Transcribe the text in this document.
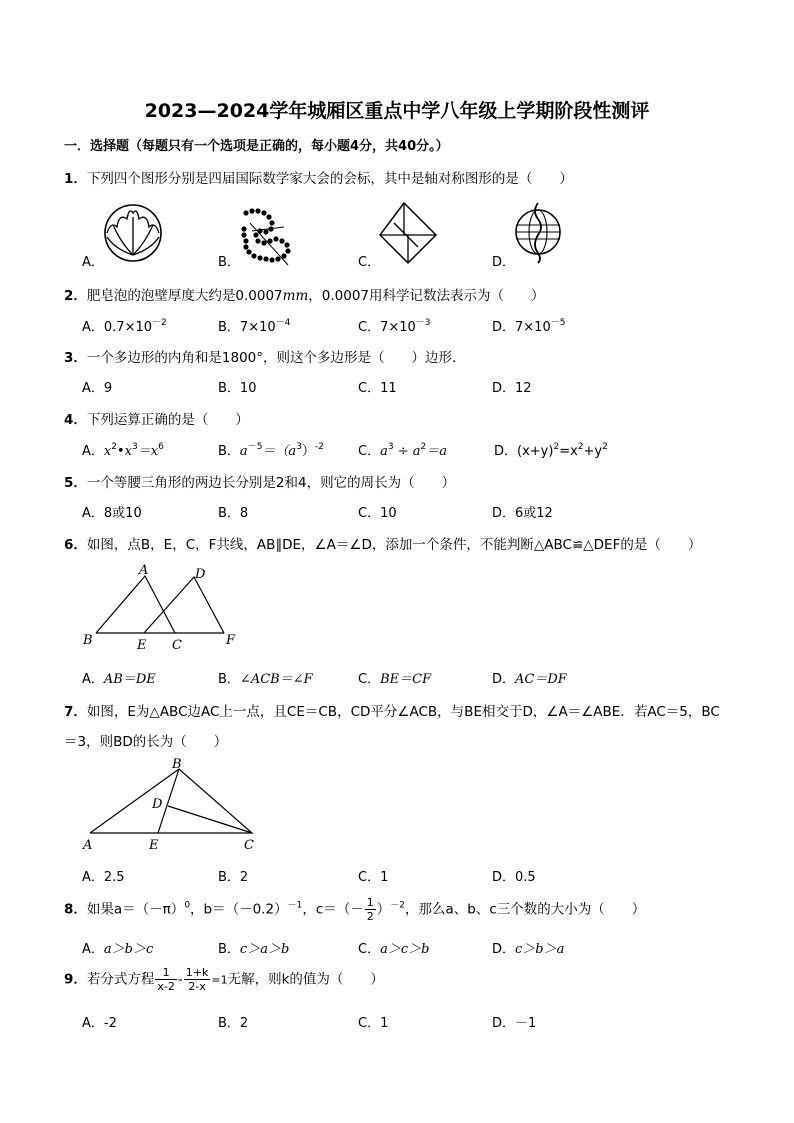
2023—2024学年城厢区重点中学八年级上学期阶段性测评
一．选择题（每题只有一个选项是正确的，每小题4分，共40分。）
1．下列四个图形分别是四届国际数学家大会的会标，其中是轴对称图形的是（　　）
A．	B．	C．	D．
2．肥皂泡的泡壁厚度大约是0.0007mm，0.0007用科学记数法表示为（　　）
A．$0.7\times 10^{-2}$	B．$7\times 10^{-4}$	C．$7\times 10^{-3}$	D．$7\times 10^{-5}$
3．一个多边形的内角和是1800°，则这个多边形是（　　）边形．
A．9	B．10	C．11	D．12
4．下列运算正确的是（　　）
A．$x^2•x^3=x^6$	B．$a^{-5}=(a^3)^{-2}$	C．$a^3 \div a^2=a$	D．$(x+y)^2=x^2+y^2$
5．一个等腰三角形的两边长分别是2和4，则它的周长为（　　）
A．8或10	B．8	C．10	D．6或12
6．如图，点B，E，C，F共线，AB∥DE，∠A＝∠D，添加一个条件，不能判断△ABC≌△DEF的是（　　）
A	D
B	E C	F
A．AB＝DE	B．∠ACB＝∠F	C．BE＝CF	D．AC＝DF
7．如图，E为△ABC边AC上一点，且CE＝CB，CD平分∠ACB，与BE相交于D，∠A＝∠ABE．若AC＝5，BC
＝3，则BD的长为（　　）
B
D
A	E	C
A．2.5	B．2	C．1	D．0.5
8．如果$a=(-\pi)^0$，$b=(-0.2)^{-1}$，$c=(- \frac{1}{2} )^{-2}$，那么a、b、c三个数的大小为（　　）
A．a＞b＞c	B．c＞a＞b	C．a＞c＞b	D．c＞b＞a
9．若分式方程 $\frac{1}{x-2} - \frac{1+k}{2-x} =1$无解，则k的值为（　　）
A．-2	B．2	C．1	D．－1
